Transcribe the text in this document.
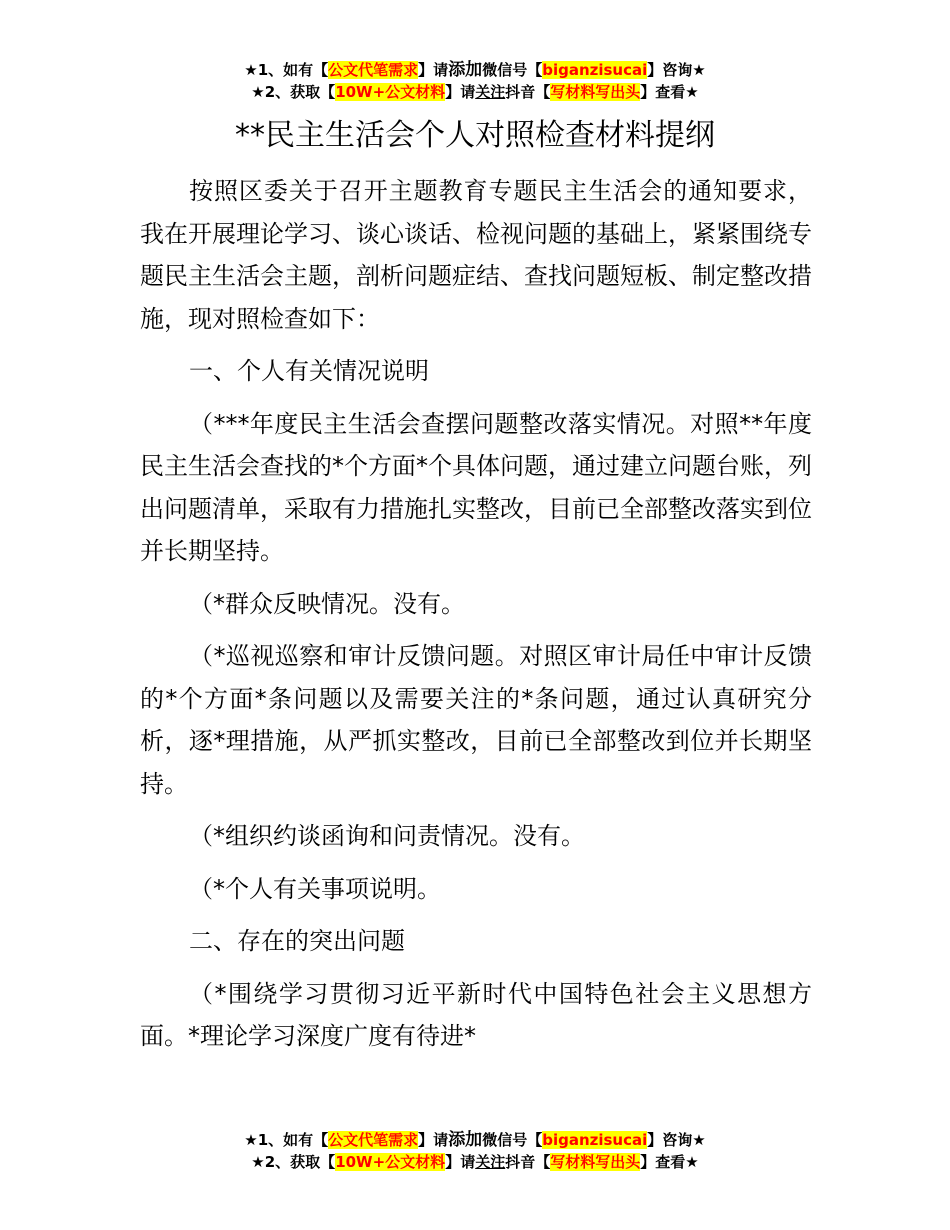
★1、如有【公文代笔需求】请添加微信号【biganzisucai】咨询★
★2、获取【10W+公文材料】请关注抖音【写材料写出头】查看★
**民主生活会个人对照检查材料提纲

按照区委关于召开主题教育专题民主生活会的通知要求，我在开展理论学习、谈心谈话、检视问题的基础上，紧紧围绕专题民主生活会主题，剖析问题症结、查找问题短板、制定整改措施，现对照检查如下：

一、个人有关情况说明

（***年度民主生活会查摆问题整改落实情况。对照**年度民主生活会查找的*个方面*个具体问题，通过建立问题台账，列出问题清单，采取有力措施扎实整改，目前已全部整改落实到位并长期坚持。

（*群众反映情况。没有。

（*巡视巡察和审计反馈问题。对照区审计局任中审计反馈的*个方面*条问题以及需要关注的*条问题，通过认真研究分析，逐*理措施，从严抓实整改，目前已全部整改到位并长期坚持。

（*组织约谈函询和问责情况。没有。

（*个人有关事项说明。

二、存在的突出问题

（*围绕学习贯彻习近平新时代中国特色社会主义思想方面。*理论学习深度广度有待进*

★1、如有【公文代笔需求】请添加微信号【biganzisucai】咨询★
★2、获取【10W+公文材料】请关注抖音【写材料写出头】查看★
